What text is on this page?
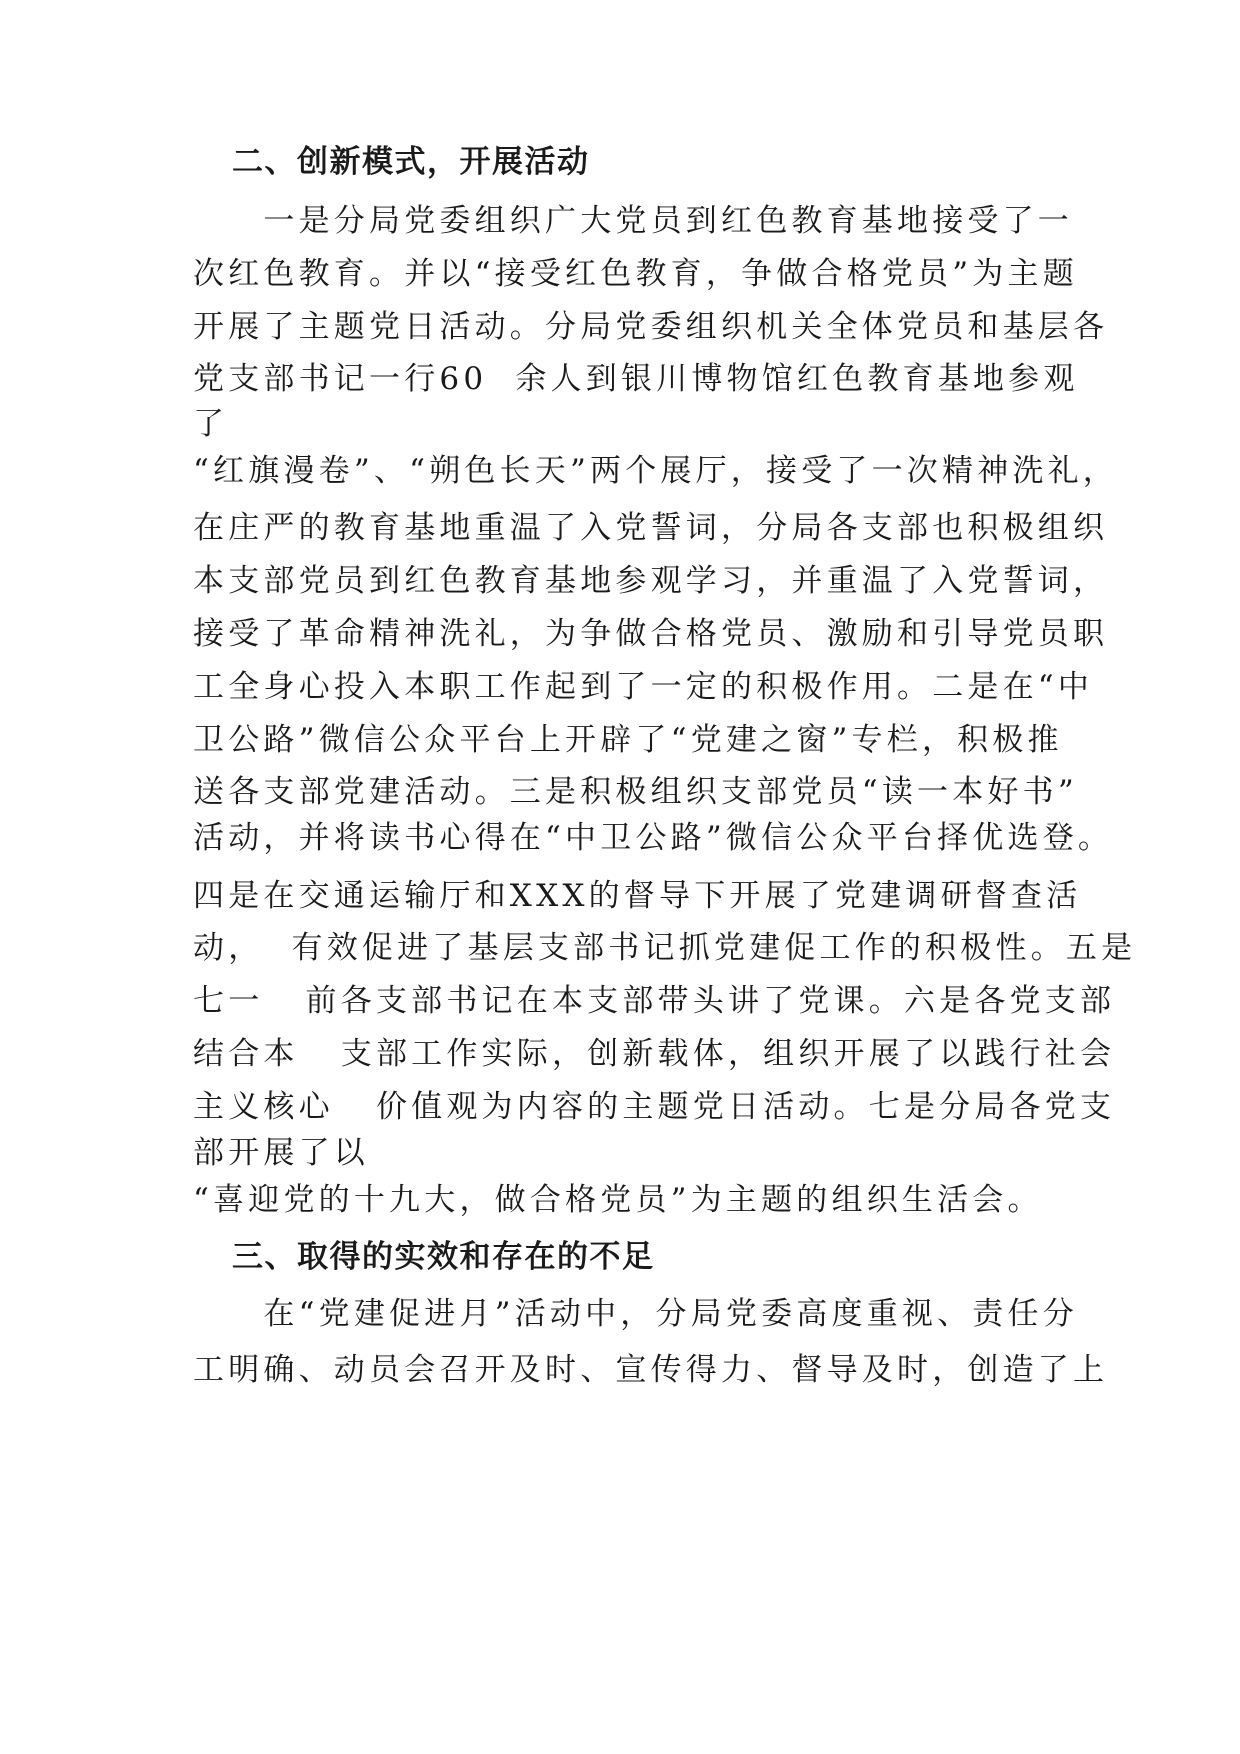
二、创新模式，开展活动
　　一是分局党委组织广大党员到红色教育基地接受了一
次红色教育。并以“接受红色教育，争做合格党员”为主题
开展了主题党日活动。分局党委组织机关全体党员和基层各
党支部书记一行60  余人到银川博物馆红色教育基地参观
了
“红旗漫卷”、“朔色长天”两个展厅，接受了一次精神洗礼，
在庄严的教育基地重温了入党誓词，分局各支部也积极组织
本支部党员到红色教育基地参观学习，并重温了入党誓词，
接受了革命精神洗礼，为争做合格党员、激励和引导党员职
工全身心投入本职工作起到了一定的积极作用。二是在“中
卫公路”微信公众平台上开辟了“党建之窗”专栏，积极推
送各支部党建活动。三是积极组织支部党员“读一本好书”
活动，并将读书心得在“中卫公路”微信公众平台择优选登。
四是在交通运输厅和XXX的督导下开展了党建调研督查活
动，  有效促进了基层支部书记抓党建促工作的积极性。五是
七一   前各支部书记在本支部带头讲了党课。六是各党支部
结合本   支部工作实际，创新载体，组织开展了以践行社会
主义核心   价值观为内容的主题党日活动。七是分局各党支
部开展了以
“喜迎党的十九大，做合格党员”为主题的组织生活会。
三、取得的实效和存在的不足
　　在“党建促进月”活动中，分局党委高度重视、责任分
工明确、动员会召开及时、宣传得力、督导及时，创造了上
